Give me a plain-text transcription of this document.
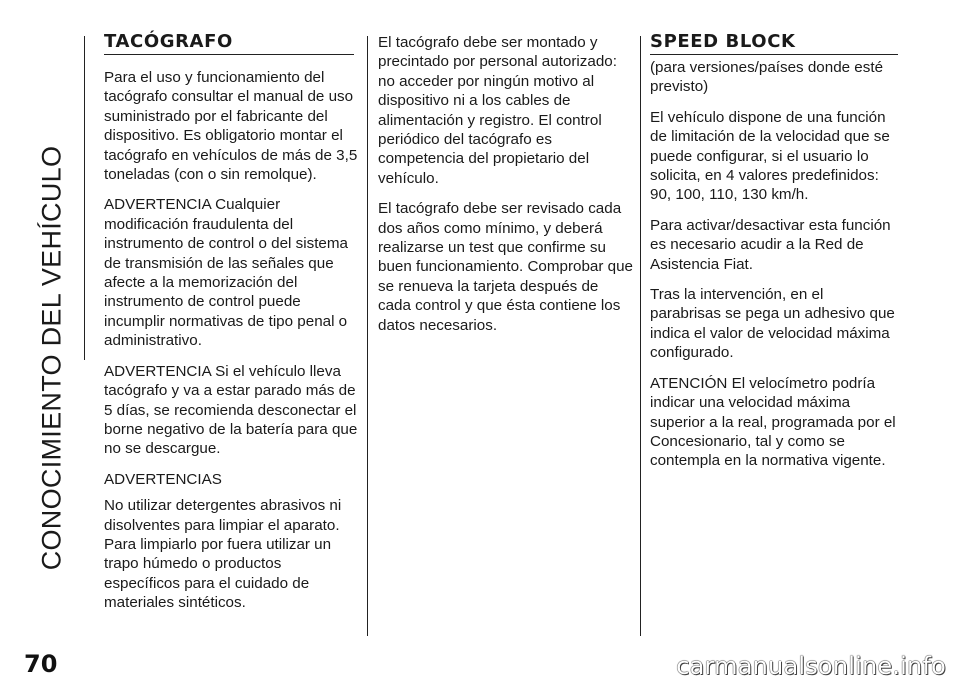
CONOCIMIENTO DEL VEHÍCULO
TACÓGRAFO

Para el uso y funcionamiento del tacógrafo consultar el manual de uso suministrado por el fabricante del dispositivo. Es obligatorio montar el tacógrafo en vehículos de más de 3,5 toneladas (con o sin remolque).

ADVERTENCIA Cualquier modificación fraudulenta del instrumento de control o del sistema de transmisión de las señales que afecte a la memorización del instrumento de control puede incumplir normativas de tipo penal o administrativo.

ADVERTENCIA Si el vehículo lleva tacógrafo y va a estar parado más de 5 días, se recomienda desconectar el borne negativo de la batería para que no se descargue.

ADVERTENCIAS

No utilizar detergentes abrasivos ni disolventes para limpiar el aparato. Para limpiarlo por fuera utilizar un trapo húmedo o productos específicos para el cuidado de materiales sintéticos.

El tacógrafo debe ser montado y precintado por personal autorizado: no acceder por ningún motivo al dispositivo ni a los cables de alimentación y registro. El control periódico del tacógrafo es competencia del propietario del vehículo.

El tacógrafo debe ser revisado cada dos años como mínimo, y deberá realizarse un test que confirme su buen funcionamiento. Comprobar que se renueva la tarjeta después de cada control y que ésta contiene los datos necesarios.

SPEED BLOCK

(para versiones/países donde esté previsto)

El vehículo dispone de una función de limitación de la velocidad que se puede configurar, si el usuario lo solicita, en 4 valores predefinidos: 90, 100, 110, 130 km/h.

Para activar/desactivar esta función es necesario acudir a la Red de Asistencia Fiat.

Tras la intervención, en el parabrisas se pega un adhesivo que indica el valor de velocidad máxima configurado.

ATENCIÓN El velocímetro podría indicar una velocidad máxima superior a la real, programada por el Concesionario, tal y como se contempla en la normativa vigente.

70	carmanualsonline.info
